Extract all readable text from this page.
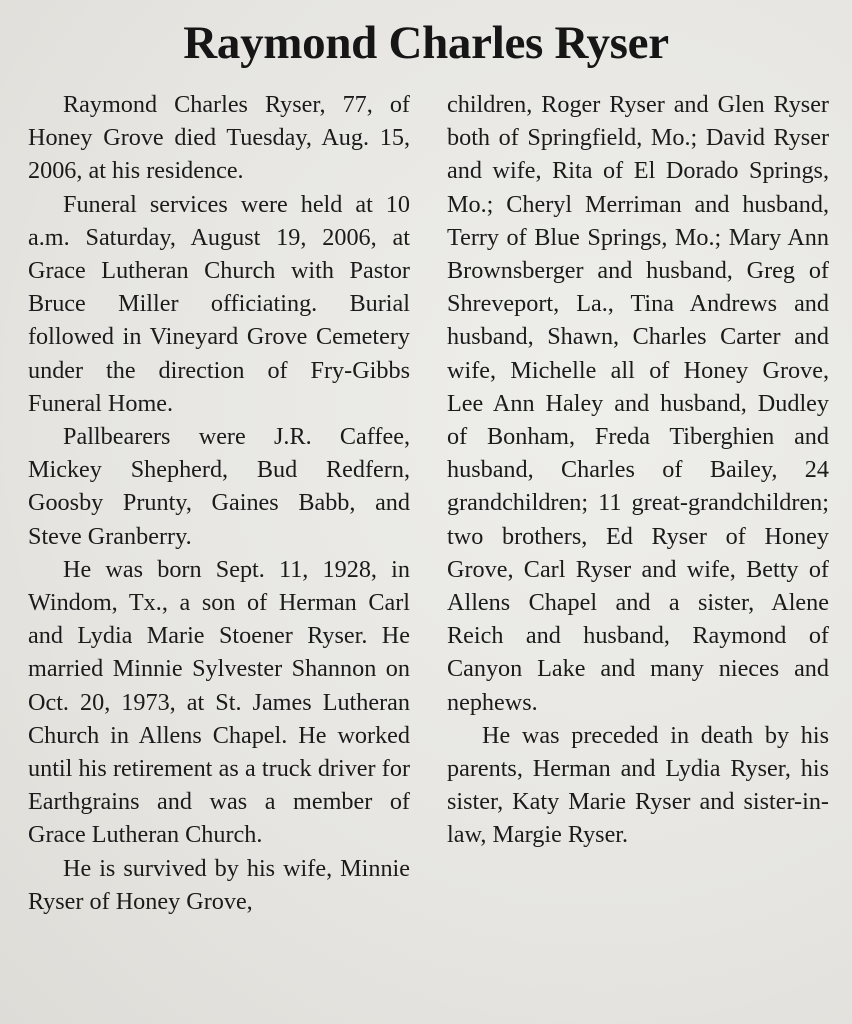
Raymond Charles Ryser

Raymond Charles Ryser, 77, of Honey Grove died Tuesday, Aug. 15, 2006, at his residence.

Funeral services were held at 10 a.m. Saturday, August 19, 2006, at Grace Lutheran Church with Pastor Bruce Miller officiating. Burial followed in Vineyard Grove Cemetery under the direction of Fry-Gibbs Funeral Home.

Pallbearers were J.R. Caffee, Mickey Shepherd, Bud Redfern, Goosby Prunty, Gaines Babb, and Steve Granberry.

He was born Sept. 11, 1928, in Windom, Tx., a son of Herman Carl and Lydia Marie Stoener Ryser. He married Minnie Sylvester Shannon on Oct. 20, 1973, at St. James Lutheran Church in Allens Chapel. He worked until his retirement as a truck driver for Earthgrains and was a member of Grace Lutheran Church.

He is survived by his wife, Minnie Ryser of Honey Grove,

children, Roger Ryser and Glen Ryser both of Springfield, Mo.; David Ryser and wife, Rita of El Dorado Springs, Mo.; Cheryl Merriman and husband, Terry of Blue Springs, Mo.; Mary Ann Brownsberger and husband, Greg of Shreveport, La., Tina Andrews and husband, Shawn, Charles Carter and wife, Michelle all of Honey Grove, Lee Ann Haley and husband, Dudley of Bonham, Freda Tiberghien and husband, Charles of Bailey, 24 grandchildren; 11 great-grandchildren; two brothers, Ed Ryser of Honey Grove, Carl Ryser and wife, Betty of Allens Chapel and a sister, Alene Reich and husband, Raymond of Canyon Lake and many nieces and nephews.

He was preceded in death by his parents, Herman and Lydia Ryser, his sister, Katy Marie Ryser and sister-in-law, Margie Ryser.
